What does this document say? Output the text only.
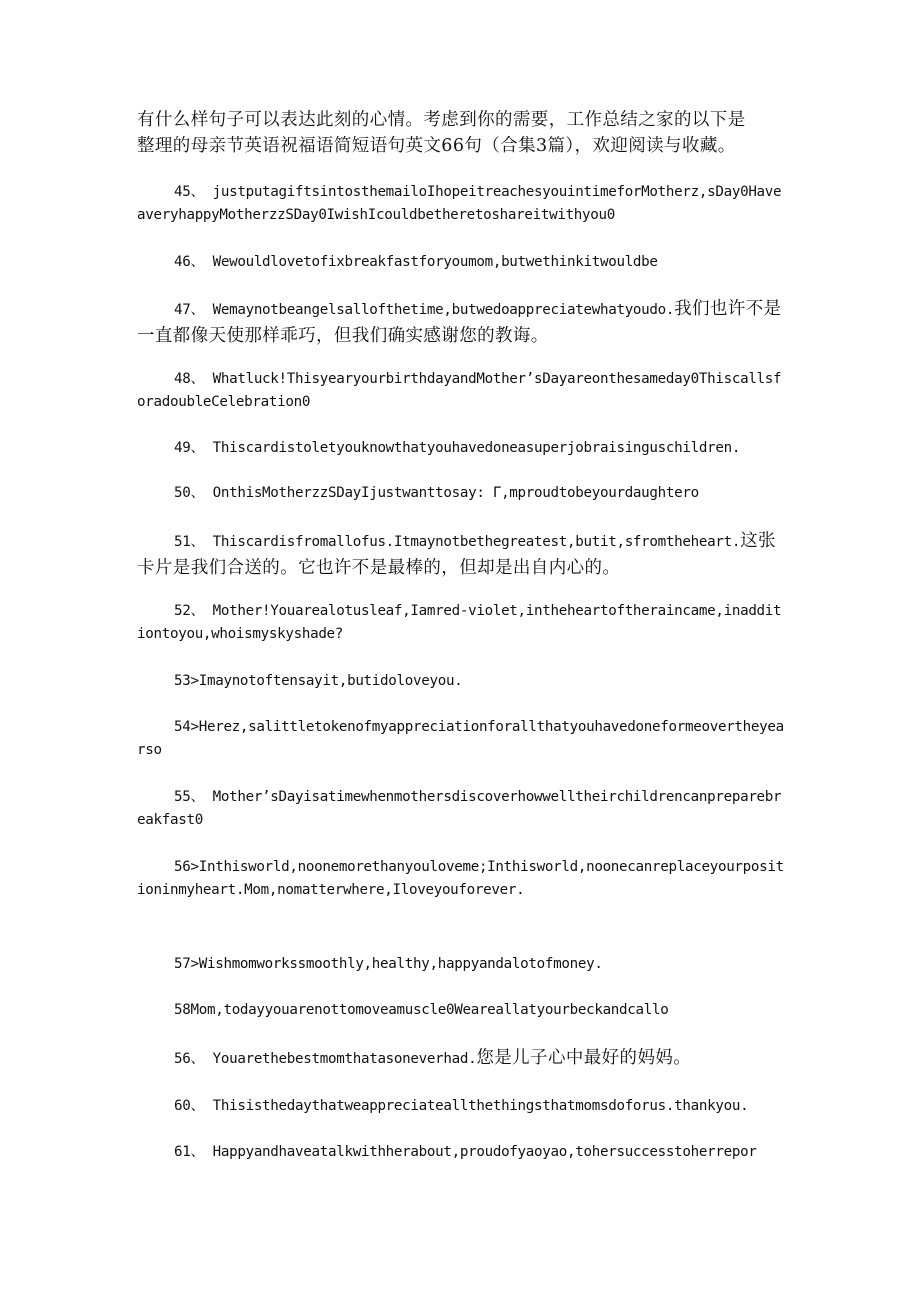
有什么样句子可以表达此刻的心情。考虑到你的需要，工作总结之家的以下是
整理的母亲节英语祝福语简短语句英文66句（合集3篇），欢迎阅读与收藏。

45、 justputagiftsintosthemailoIhopeitreachesyouintimeforMotherz,sDay0HaveaveryhappyMotherzzSDay0IwishIcouldbetheretoshareitwithyou0

46、 Wewouldlovetofixbreakfastforyoumom,butwethinkitwouldbe

47、 Wemaynotbeangelsallofthetime,butwedoappreciatewhatyoudo.我们也许不是一直都像天使那样乖巧，但我们确实感谢您的教诲。

48、 Whatluck!ThisyearyourbirthdayandMother’sDayareonthesameday0ThiscallsforadoubleCelebration0

49、 Thiscardistoletyouknowthatyouhavedoneasuperjobraisinguschildren.

50、 OnthisMotherzzSDayIjustwanttosay: Γ,mproudtobeyourdaughtero

51、 Thiscardisfromallofus.Itmaynotbethegreatest,butit,sfromtheheart.这张卡片是我们合送的。它也许不是最棒的，但却是出自内心的。

52、 Mother!Youarealotusleaf,Iamred-violet,intheheartoftheraincame,inadditiontoyou,whoismyskyshade?

53>Imaynotoftensayit,butidoloveyou.

54>Herez,salittletokenofmyappreciationforallthatyouhavedoneformeovertheyearso

55、 Mother’sDayisatimewhenmothersdiscoverhowwelltheirchildrencanpreparebreakfast0

56>Inthisworld,noonemorethanyouloveme;Inthisworld,noonecanreplaceyourpositioninmyheart.Mom,nomatterwhere,Iloveyouforever.

57>Wishmomworkssmoothly,healthy,happyandalotofmoney.

58Mom,todayyouarenottomoveamuscle0Weareallatyourbeckandcallo

56、 Youarethebestmomthatasoneverhad.您是儿子心中最好的妈妈。

60、 Thisisthedaythatweappreciateallthethingsthatmomsdoforus.thankyou.

61、 Happyandhaveatalkwithherabout,proudofyaoyao,tohersuccesstoherrepor
